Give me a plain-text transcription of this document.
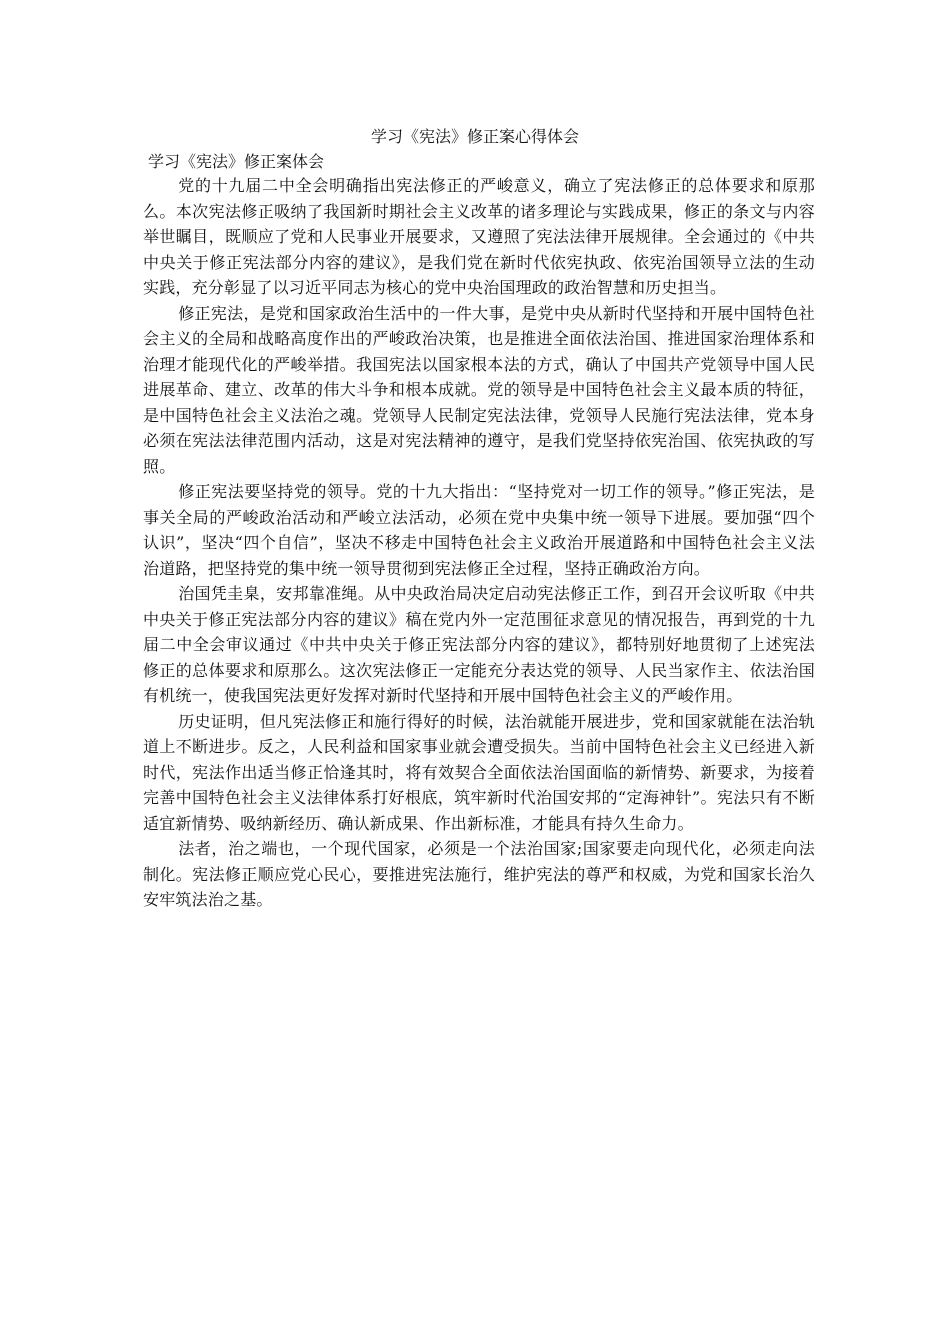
学习《宪法》修正案心得体会
学习《宪法》修正案体会

党的十九届二中全会明确指出宪法修正的严峻意义，确立了宪法修正的总体要求和原那么。本次宪法修正吸纳了我国新时期社会主义改革的诸多理论与实践成果，修正的条文与内容举世瞩目，既顺应了党和人民事业开展要求，又遵照了宪法法律开展规律。全会通过的《中共中央关于修正宪法部分内容的建议》，是我们党在新时代依宪执政、依宪治国领导立法的生动实践，充分彰显了以习近平同志为核心的党中央治国理政的政治智慧和历史担当。

修正宪法，是党和国家政治生活中的一件大事，是党中央从新时代坚持和开展中国特色社会主义的全局和战略高度作出的严峻政治决策，也是推进全面依法治国、推进国家治理体系和治理才能现代化的严峻举措。我国宪法以国家根本法的方式，确认了中国共产党领导中国人民进展革命、建立、改革的伟大斗争和根本成就。党的领导是中国特色社会主义最本质的特征，是中国特色社会主义法治之魂。党领导人民制定宪法法律，党领导人民施行宪法法律，党本身必须在宪法法律范围内活动，这是对宪法精神的遵守，是我们党坚持依宪治国、依宪执政的写照。

修正宪法要坚持党的领导。党的十九大指出：“坚持党对一切工作的领导。”修正宪法，是事关全局的严峻政治活动和严峻立法活动，必须在党中央集中统一领导下进展。要加强“四个认识”，坚决“四个自信”，坚决不移走中国特色社会主义政治开展道路和中国特色社会主义法治道路，把坚持党的集中统一领导贯彻到宪法修正全过程，坚持正确政治方向。

治国凭圭臬，安邦靠准绳。从中央政治局决定启动宪法修正工作，到召开会议听取《中共中央关于修正宪法部分内容的建议》稿在党内外一定范围征求意见的情况报告，再到党的十九届二中全会审议通过《中共中央关于修正宪法部分内容的建议》，都特别好地贯彻了上述宪法修正的总体要求和原那么。这次宪法修正一定能充分表达党的领导、人民当家作主、依法治国有机统一，使我国宪法更好发挥对新时代坚持和开展中国特色社会主义的严峻作用。

历史证明，但凡宪法修正和施行得好的时候，法治就能开展进步，党和国家就能在法治轨道上不断进步。反之，人民利益和国家事业就会遭受损失。当前中国特色社会主义已经进入新时代，宪法作出适当修正恰逢其时，将有效契合全面依法治国面临的新情势、新要求，为接着完善中国特色社会主义法律体系打好根底，筑牢新时代治国安邦的“定海神针”。宪法只有不断适宜新情势、吸纳新经历、确认新成果、作出新标准，才能具有持久生命力。

法者，治之端也，一个现代国家，必须是一个法治国家;国家要走向现代化，必须走向法制化。宪法修正顺应党心民心，要推进宪法施行，维护宪法的尊严和权威，为党和国家长治久安牢筑法治之基。
